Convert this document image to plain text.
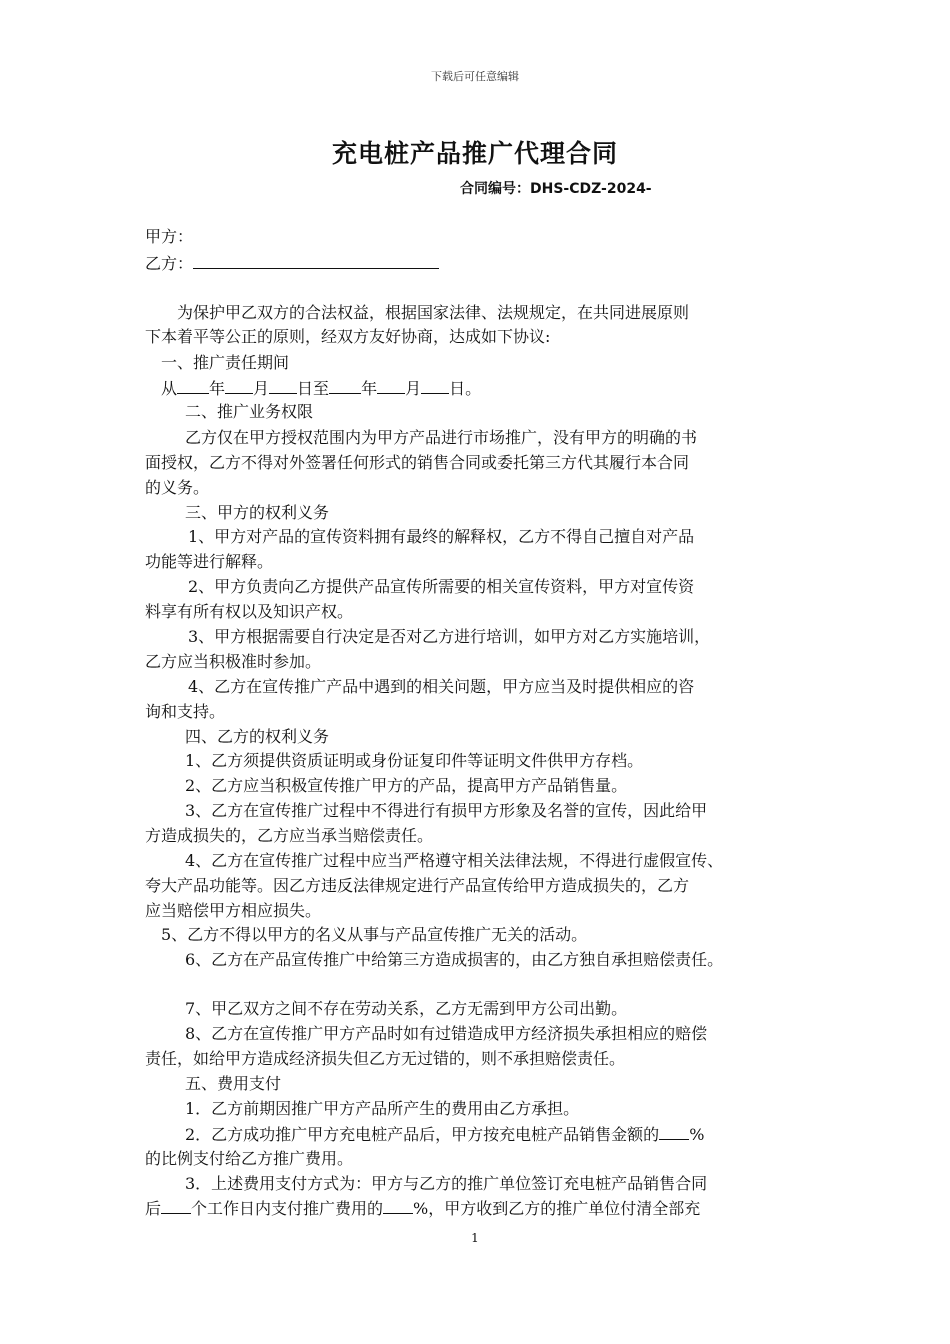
下载后可任意编辑
充电桩产品推广代理合同
合同编号：DHS-CDZ-2024-
甲方：
乙方：
为保护甲乙双方的合法权益，根据国家法律、法规规定，在共同进展原则
下本着平等公正的原则，经双方友好协商，达成如下协议:
一、推广责任期间
从 年 月 日至 年 月 日。
二、推广业务权限
乙方仅在甲方授权范围内为甲方产品进行市场推广，没有甲方的明确的书
面授权，乙方不得对外签署任何形式的销售合同或委托第三方代其履行本合同
的义务。
三、甲方的权利义务
1、甲方对产品的宣传资料拥有最终的解释权，乙方不得自己擅自对产品
功能等进行解释。
2、甲方负责向乙方提供产品宣传所需要的相关宣传资料，甲方对宣传资
料享有所有权以及知识产权。
3、甲方根据需要自行决定是否对乙方进行培训，如甲方对乙方实施培训，
乙方应当积极准时参加。
4、乙方在宣传推广产品中遇到的相关问题，甲方应当及时提供相应的咨
询和支持。
四、乙方的权利义务
1、乙方须提供资质证明或身份证复印件等证明文件供甲方存档。
2、乙方应当积极宣传推广甲方的产品，提高甲方产品销售量。
3、乙方在宣传推广过程中不得进行有损甲方形象及名誉的宣传，因此给甲
方造成损失的，乙方应当承当赔偿责任。
4、乙方在宣传推广过程中应当严格遵守相关法律法规，不得进行虚假宣传、
夸大产品功能等。因乙方违反法律规定进行产品宣传给甲方造成损失的，乙方
应当赔偿甲方相应损失。
5、乙方不得以甲方的名义从事与产品宣传推广无关的活动。
6、乙方在产品宣传推广中给第三方造成损害的，由乙方独自承担赔偿责任。
7、甲乙双方之间不存在劳动关系，乙方无需到甲方公司出勤。
8、乙方在宣传推广甲方产品时如有过错造成甲方经济损失承担相应的赔偿
责任，如给甲方造成经济损失但乙方无过错的，则不承担赔偿责任。
五、费用支付
1．乙方前期因推广甲方产品所产生的费用由乙方承担。
2．乙方成功推广甲方充电桩产品后，甲方按充电桩产品销售金额的 %
的比例支付给乙方推广费用。
3．上述费用支付方式为：甲方与乙方的推广单位签订充电桩产品销售合同
后 个工作日内支付推广费用的 %，甲方收到乙方的推广单位付清全部充
1
